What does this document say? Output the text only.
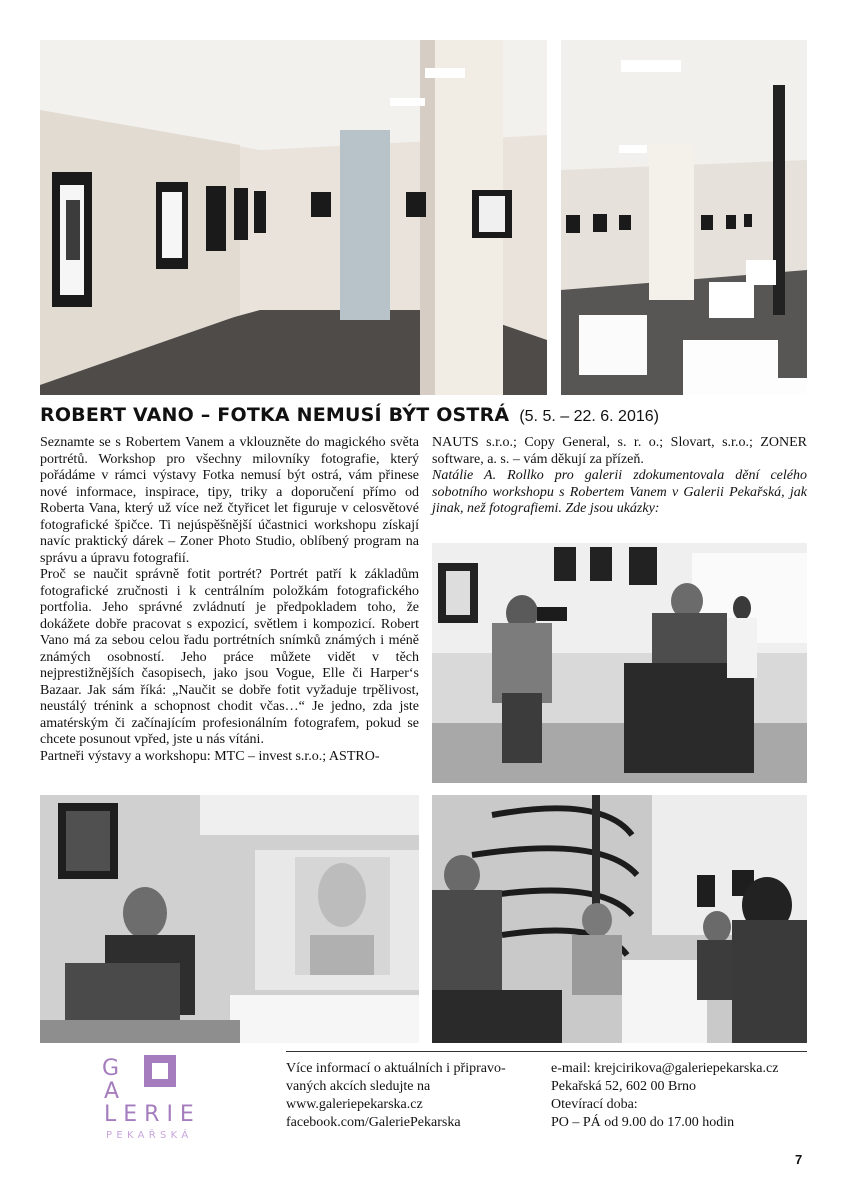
ROBERT VANO – FOTKA NEMUSÍ BÝT OSTRÁ (5. 5. – 22. 6. 2016)

Seznamte se s Robertem Vanem a vklouzněte do magického světa portrétů. Workshop pro všechny milovníky fotografie, který pořádáme v rámci výstavy Fotka nemusí být ostrá, vám přinese nové informace, inspirace, tipy, triky a doporučení přímo od Roberta Vana, který už více než čtyřicet let figuruje v celosvětové fotografické špičce. Ti nejúspěšnější účastnici workshopu získají navíc praktický dárek – Zoner Photo Studio, oblíbený program na správu a úpravu fotografií.

Proč se naučit správně fotit portrét? Portrét patří k základům fotografické zručnosti i k centrálním položkám fotografického portfolia. Jeho správné zvládnutí je předpokladem toho, že dokážete dobře pracovat s expozicí, světlem i kompozicí. Robert Vano má za sebou celou řadu portrétních snímků známých i méně známých osobností. Jeho práce můžete vidět v těch nejprestižnějších časopisech, jako jsou Vogue, Elle či Harper‘s Bazaar. Jak sám říká: „Naučit se dobře fotit vyžaduje trpělivost, neustálý trénink a schopnost chodit včas…“ Je jedno, zda jste amatérským či začínajícím profesionálním fotografem, pokud se chcete posunout vpřed, jste u nás vítáni.

Partneři výstavy a workshopu: MTC – invest s.r.o.; ASTRO-

NAUTS s.r.o.; Copy General, s. r. o.; Slovart, s.r.o.; ZONER software, a. s. – vám děkují za přízeň.

Natálie A. Rollko pro galerii zdokumentovala dění celého sobotního workshopu s Robertem Vanem v Galerii Pekařská, jak jinak, než fotografiemi. Zde jsou ukázky:

G
A
LERIE
PEKAŘSKÁ
Více informací o aktuálních i připravo-
vaných akcích sledujte na
www.galeriepekarska.cz
facebook.com/GaleriePekarska
e-mail: krejcirikova@galeriepekarska.cz
Pekařská 52, 602 00 Brno
Otevírací doba:
PO – PÁ od 9.00 do 17.00 hodin
7
